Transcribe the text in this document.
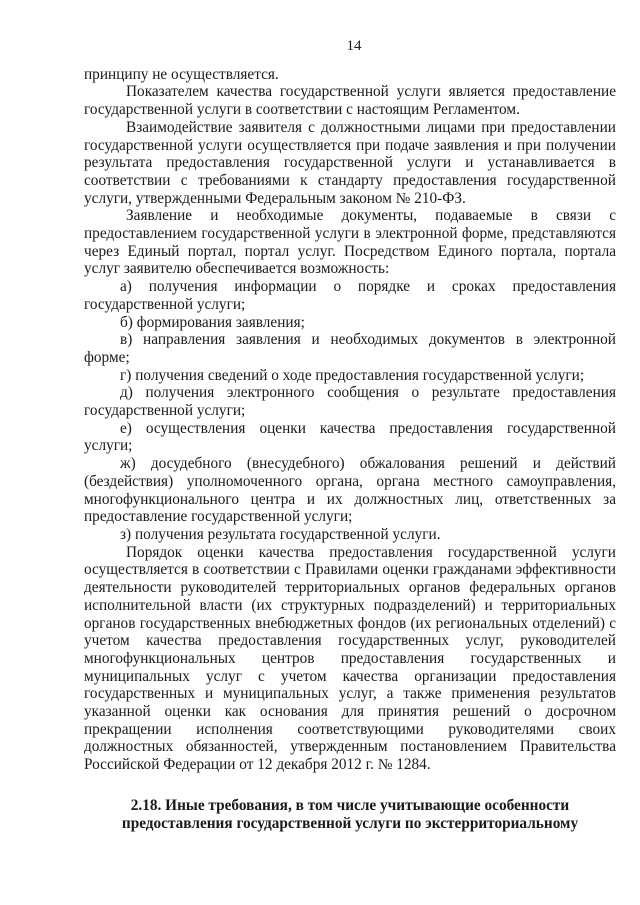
14

принципу не осуществляется.

Показателем качества государственной услуги является предоставление государственной услуги в соответствии с настоящим Регламентом.

Взаимодействие заявителя с должностными лицами при предоставлении государственной услуги осуществляется при подаче заявления и при получении результата предоставления государственной услуги и устанавливается в соответствии с требованиями к стандарту предоставления государственной услуги, утвержденными Федеральным законом № 210-ФЗ.

Заявление и необходимые документы, подаваемые в связи с предоставлением государственной услуги в электронной форме, представляются через Единый портал, портал услуг. Посредством Единого портала, портала услуг заявителю обеспечивается возможность:

а) получения информации о порядке и сроках предоставления государственной услуги;

б) формирования заявления;

в) направления заявления и необходимых документов в электронной форме;

г) получения сведений о ходе предоставления государственной услуги;

д) получения электронного сообщения о результате предоставления государственной услуги;

е) осуществления оценки качества предоставления государственной услуги;

ж) досудебного (внесудебного) обжалования решений и действий (бездействия) уполномоченного органа, органа местного самоуправления, многофункционального центра и их должностных лиц, ответственных за предоставление государственной услуги;

з) получения результата государственной услуги.

Порядок оценки качества предоставления государственной услуги осуществляется в соответствии с Правилами оценки гражданами эффективности деятельности руководителей территориальных органов федеральных органов исполнительной власти (их структурных подразделений) и территориальных органов государственных внебюджетных фондов (их региональных отделений) с учетом качества предоставления государственных услуг, руководителей многофункциональных центров предоставления государственных и муниципальных услуг с учетом качества организации предоставления государственных и муниципальных услуг, а также применения результатов указанной оценки как основания для принятия решений о досрочном прекращении исполнения соответствующими руководителями своих должностных обязанностей, утвержденным постановлением Правительства Российской Федерации от 12 декабря 2012 г. № 1284.

2.18. Иные требования, в том числе учитывающие особенности
предоставления государственной услуги по экстерриториальному
